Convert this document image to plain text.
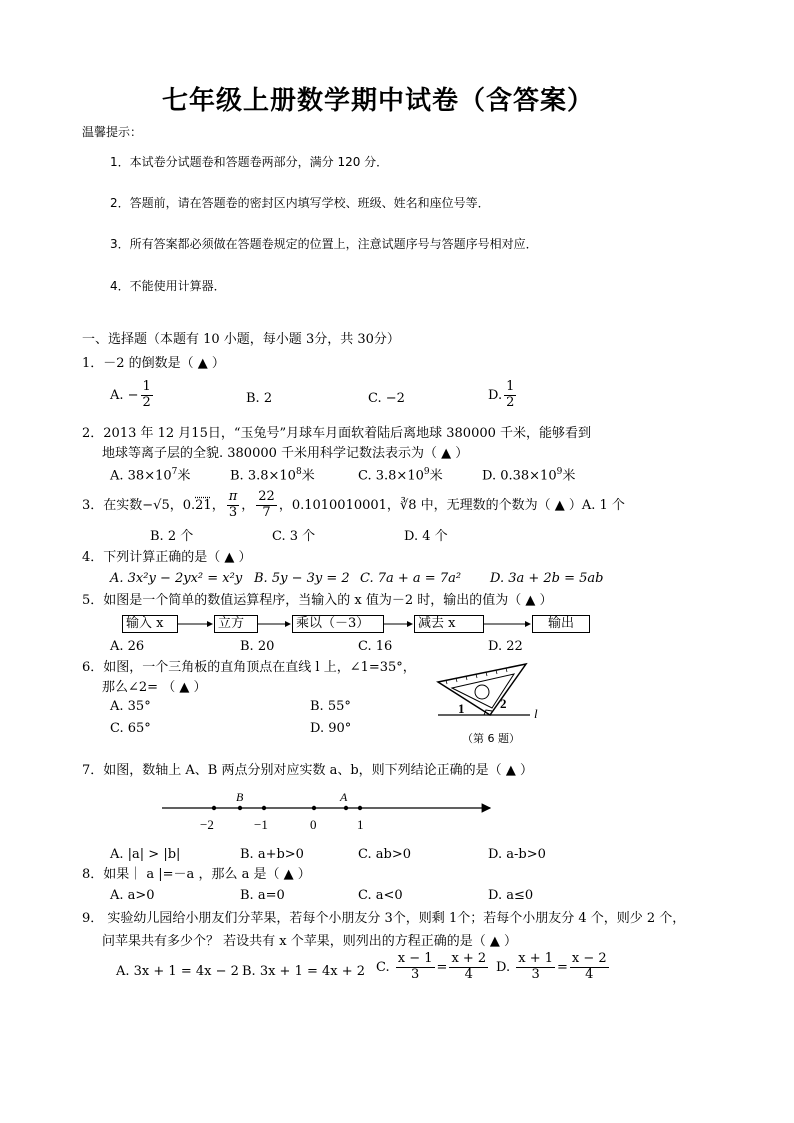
七年级上册数学期中试卷（含答案）
温馨提示：
1．本试卷分试题卷和答题卷两部分，满分 120 分．
2．答题前，请在答题卷的密封区内填写学校、班级、姓名和座位号等．
3．所有答案都必须做在答题卷规定的位置上，注意试题序号与答题序号相对应．
4．不能使用计算器．
一、选择题（本题有 10 小题，每小题 3分，共 30分）
1．－2 的倒数是（ ▲ ）
A. − $\frac{1}{2}$	B. 2	C. −2	D. $\frac{1}{2}$
2．2013 年 12 月15日，“玉兔号”月球车月面软着陆后离地球 380000 千米，能够看到
地球等离子层的全貌. 380000 千米用科学记数法表示为（ ▲ ）
A. $38\times 10^7$米	B. $3.8\times 10^8$米	C. $3.8\times 10^9$米	D. $0.38\times 10^9$米
3．在实数−√5，0.21， $\frac{\pi}{3}$ ， $\frac{22}{7}$ ，0.1010010001，∛8 中，无理数的个数为（ ▲ ）A. 1 个
B. 2 个	C. 3 个	D. 4 个
4．下列计算正确的是（ ▲ ）
A. 3x²y − 2yx² = x²y B. 5y − 3y = 2 C. 7a + a = 7a² D. 3a + 2b = 5ab
5．如图是一个简单的数值运算程序，当输入的 x 值为－2 时，输出的值为（ ▲ ）
输入 x	立方	乘以（－3）	减去 x	输出
A. 26	B. 20	C. 16	D. 22
6．如图，一个三角板的直角顶点在直线 l 上，∠1=35°，
那么∠2= （ ▲ ）
A. 35°	B. 55°
C. 65°	D. 90°
1	2
l
（第 6 题）
7．如图，数轴上 A、B 两点分别对应实数 a、b，则下列结论正确的是（ ▲ ）
B	A
−2	−1	0	1
A. |a| > |b|	B. a+b>0	C. ab>0	D. a-b>0
8．如果｜ a |=－a ，那么 a 是（ ▲ ）
A. a>0	B. a=0	C. a<0	D. a≤0
9． 实验幼儿园给小朋友们分苹果，若每个小朋友分 3个，则剩 1个；若每个小朋友分 4 个，则少 2 个，
问苹果共有多少个？ 若设共有 x 个苹果，则列出的方程正确的是（ ▲ ）
A. 3x + 1 = 4x − 2 B. 3x + 1 = 4x + 2 C. $\frac{x - 1}{3} = \frac{x + 2}{4} D$. $\frac{x + 1}{3} = \frac{x - 2}{4}$
